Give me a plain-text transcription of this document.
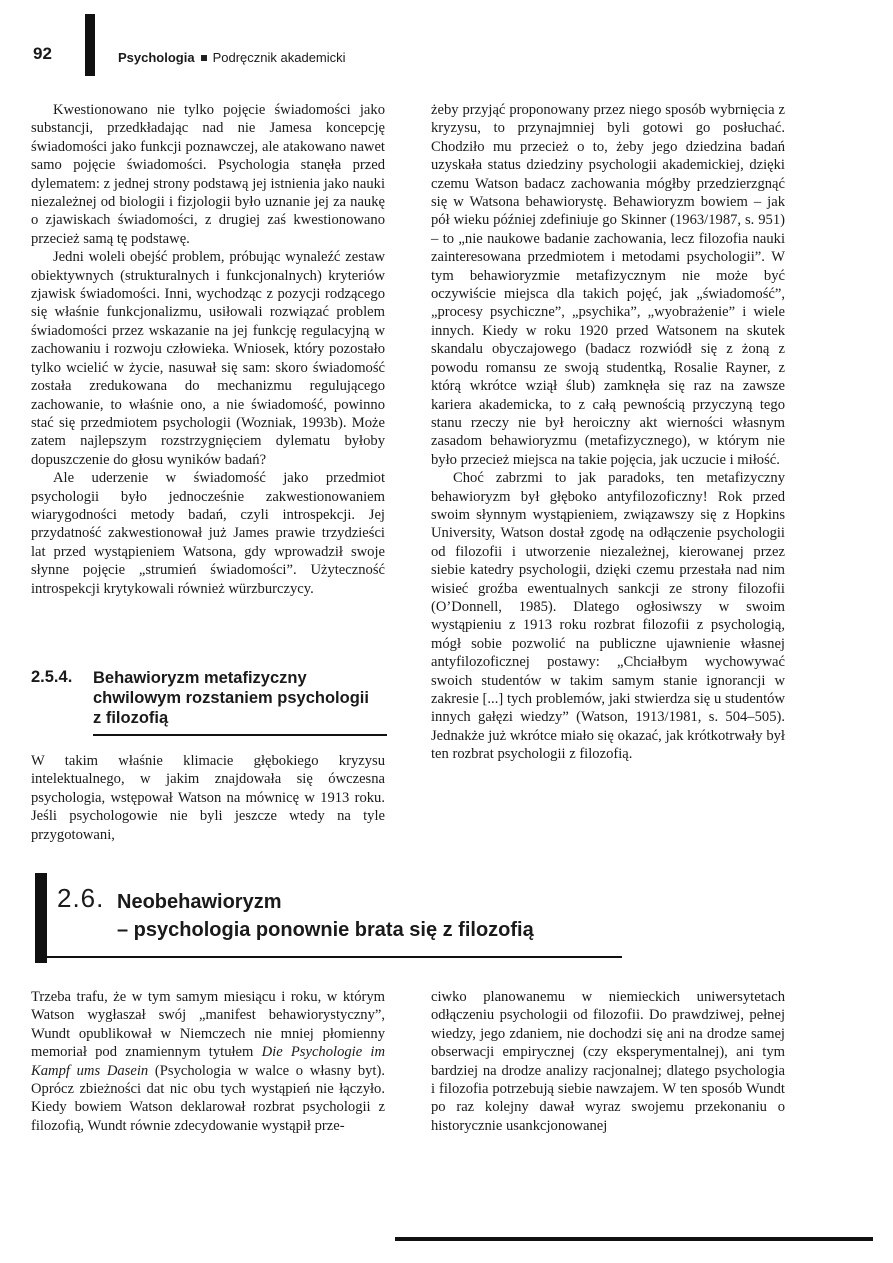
92	Psychologia Podręcznik akademicki

Kwestionowano nie tylko pojęcie świadomości jako substancji, przedkładając nad nie Jamesa koncepcję świadomości jako funkcji poznawczej, ale atakowano nawet samo pojęcie świadomości. Psychologia stanęła przed dylematem: z jednej strony podstawą jej istnienia jako nauki niezależnej od biologii i fizjologii było uznanie jej za naukę o zjawiskach świadomości, z drugiej zaś kwestionowano przecież samą tę podstawę.

Jedni woleli obejść problem, próbując wynaleźć zestaw obiektywnych (strukturalnych i funkcjonalnych) kryteriów zjawisk świadomości. Inni, wychodząc z pozycji rodzącego się właśnie funkcjonalizmu, usiłowali rozwiązać problem świadomości przez wskazanie na jej funkcję regulacyjną w zachowaniu i rozwoju człowieka. Wniosek, który pozostało tylko wcielić w życie, nasuwał się sam: skoro świadomość została zredukowana do mechanizmu regulującego zachowanie, to właśnie ono, a nie świadomość, powinno stać się przedmiotem psychologii (Wozniak, 1993b). Może zatem najlepszym rozstrzygnięciem dylematu byłoby dopuszczenie do głosu wyników badań?

Ale uderzenie w świadomość jako przedmiot psychologii było jednocześnie zakwestionowaniem wiarygodności metody badań, czyli introspekcji. Jej przydatność zakwestionował już James prawie trzydzieści lat przed wystąpieniem Watsona, gdy wprowadził swoje słynne pojęcie „strumień świadomości”. Użyteczność introspekcji krytykowali również würzburczycy.

2.5.4. Behawioryzm metafizyczny
chwilowym rozstaniem psychologii
z filozofią

W takim właśnie klimacie głębokiego kryzysu intelektualnego, w jakim znajdowała się ówczesna psychologia, wstępował Watson na mównicę w 1913 roku. Jeśli psychologowie nie byli jeszcze wtedy na tyle przygotowani,

żeby przyjąć proponowany przez niego sposób wybrnięcia z kryzysu, to przynajmniej byli gotowi go posłuchać. Chodziło mu przecież o to, żeby jego dziedzina badań uzyskała status dziedziny psychologii akademickiej, dzięki czemu Watson badacz zachowania mógłby przedzierzgnąć się w Watsona behawiorystę. Behawioryzm bowiem – jak pół wieku później zdefiniuje go Skinner (1963/1987, s. 951) – to „nie naukowe badanie zachowania, lecz filozofia nauki zainteresowana przedmiotem i metodami psychologii”. W tym behawioryzmie metafizycznym nie może być oczywiście miejsca dla takich pojęć, jak „świadomość”, „procesy psychiczne”, „psychika”, „wyobrażenie” i wiele innych. Kiedy w roku 1920 przed Watsonem na skutek skandalu obyczajowego (badacz rozwiódł się z żoną z powodu romansu ze swoją studentką, Rosalie Rayner, z którą wkrótce wziął ślub) zamknęła się raz na zawsze kariera akademicka, to z całą pewnością przyczyną tego stanu rzeczy nie był heroiczny akt wierności własnym zasadom behawioryzmu (metafizycznego), w którym nie było przecież miejsca na takie pojęcia, jak uczucie i miłość.

Choć zabrzmi to jak paradoks, ten metafizyczny behawioryzm był głęboko antyfilozoficzny! Rok przed swoim słynnym wystąpieniem, związawszy się z Hopkins University, Watson dostał zgodę na odłączenie psychologii od filozofii i utworzenie niezależnej, kierowanej przez siebie katedry psychologii, dzięki czemu przestała nad nim wisieć groźba ewentualnych sankcji ze strony filozofii (O’Donnell, 1985). Dlatego ogłosiwszy w swoim wystąpieniu z 1913 roku rozbrat filozofii z psychologią, mógł sobie pozwolić na publiczne ujawnienie własnej antyfilozoficznej postawy: „Chciałbym wychowywać swoich studentów w takim samym stanie ignorancji w zakresie [...] tych problemów, jaki stwierdza się u studentów innych gałęzi wiedzy” (Watson, 1913/1981, s. 504–505). Jednakże już wkrótce miało się okazać, jak krótkotrwały był ten rozbrat psychologii z filozofią.

2.6. Neobehawioryzm
– psychologia ponownie brata się z filozofią

Trzeba trafu, że w tym samym miesiącu i roku, w którym Watson wygłaszał swój „manifest behawiorystyczny”, Wundt opublikował w Niemczech nie mniej płomienny memoriał pod znamiennym tytułem Die Psychologie im Kampf ums Dasein (Psychologia w walce o własny byt). Oprócz zbieżności dat nic obu tych wystąpień nie łączyło. Kiedy bowiem Watson deklarował rozbrat psychologii z filozofią, Wundt równie zdecydowanie wystąpił prze-

ciwko planowanemu w niemieckich uniwersytetach odłączeniu psychologii od filozofii. Do prawdziwej, pełnej wiedzy, jego zdaniem, nie dochodzi się ani na drodze samej obserwacji empirycznej (czy eksperymentalnej), ani tym bardziej na drodze analizy racjonalnej; dlatego psychologia i filozofia potrzebują siebie nawzajem. W ten sposób Wundt po raz kolejny dawał wyraz swojemu przekonaniu o historycznie usankcjonowanej
